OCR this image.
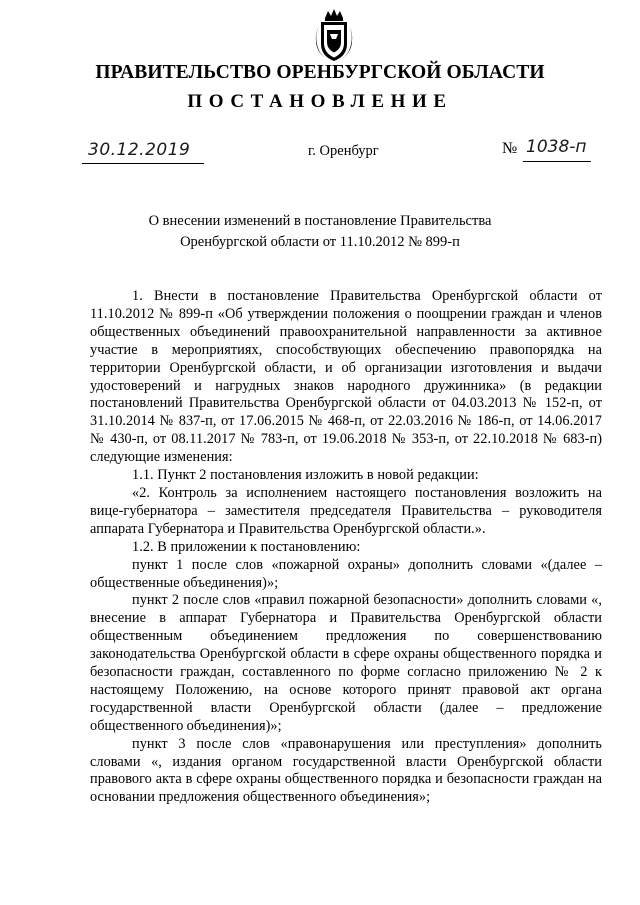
ПРАВИТЕЛЬСТВО ОРЕНБУРГСКОЙ ОБЛАСТИ
ПОСТАНОВЛЕНИЕ
30.12.2019	г. Оренбург	№ 1038-п
О внесении изменений в постановление Правительства
Оренбургской области от 11.10.2012 № 899-п

1. Внести в постановление Правительства Оренбургской области от 11.10.2012 № 899-п «Об утверждении положения о поощрении граждан и членов общественных объединений правоохранительной направленности за активное участие в мероприятиях, способствующих обеспечению правопорядка на территории Оренбургской области, и об организации изготовления и выдачи удостоверений и нагрудных знаков народного дружинника» (в редакции постановлений Правительства Оренбургской области от 04.03.2013 № 152-п, от 31.10.2014 № 837-п, от 17.06.2015 № 468-п, от 22.03.2016 № 186-п, от 14.06.2017 № 430-п, от 08.11.2017 № 783-п, от 19.06.2018 № 353-п, от 22.10.2018 № 683-п) следующие изменения:

1.1. Пункт 2 постановления изложить в новой редакции:

«2. Контроль за исполнением настоящего постановления возложить на вице-губернатора – заместителя председателя Правительства – руководителя аппарата Губернатора и Правительства Оренбургской области.».

1.2. В приложении к постановлению:

пункт 1 после слов «пожарной охраны» дополнить словами «(далее – общественные объединения)»;

пункт 2 после слов «правил пожарной безопасности» дополнить словами «, внесение в аппарат Губернатора и Правительства Оренбургской области общественным объединением предложения по совершенствованию законодательства Оренбургской области в сфере охраны общественного порядка и безопасности граждан, составленного по форме согласно приложению № 2 к настоящему Положению, на основе которого принят правовой акт органа государственной власти Оренбургской области (далее – предложение общественного объединения)»;

пункт 3 после слов «правонарушения или преступления» дополнить словами «, издания органом государственной власти Оренбургской области правового акта в сфере охраны общественного порядка и безопасности граждан на основании предложения общественного объединения»;
